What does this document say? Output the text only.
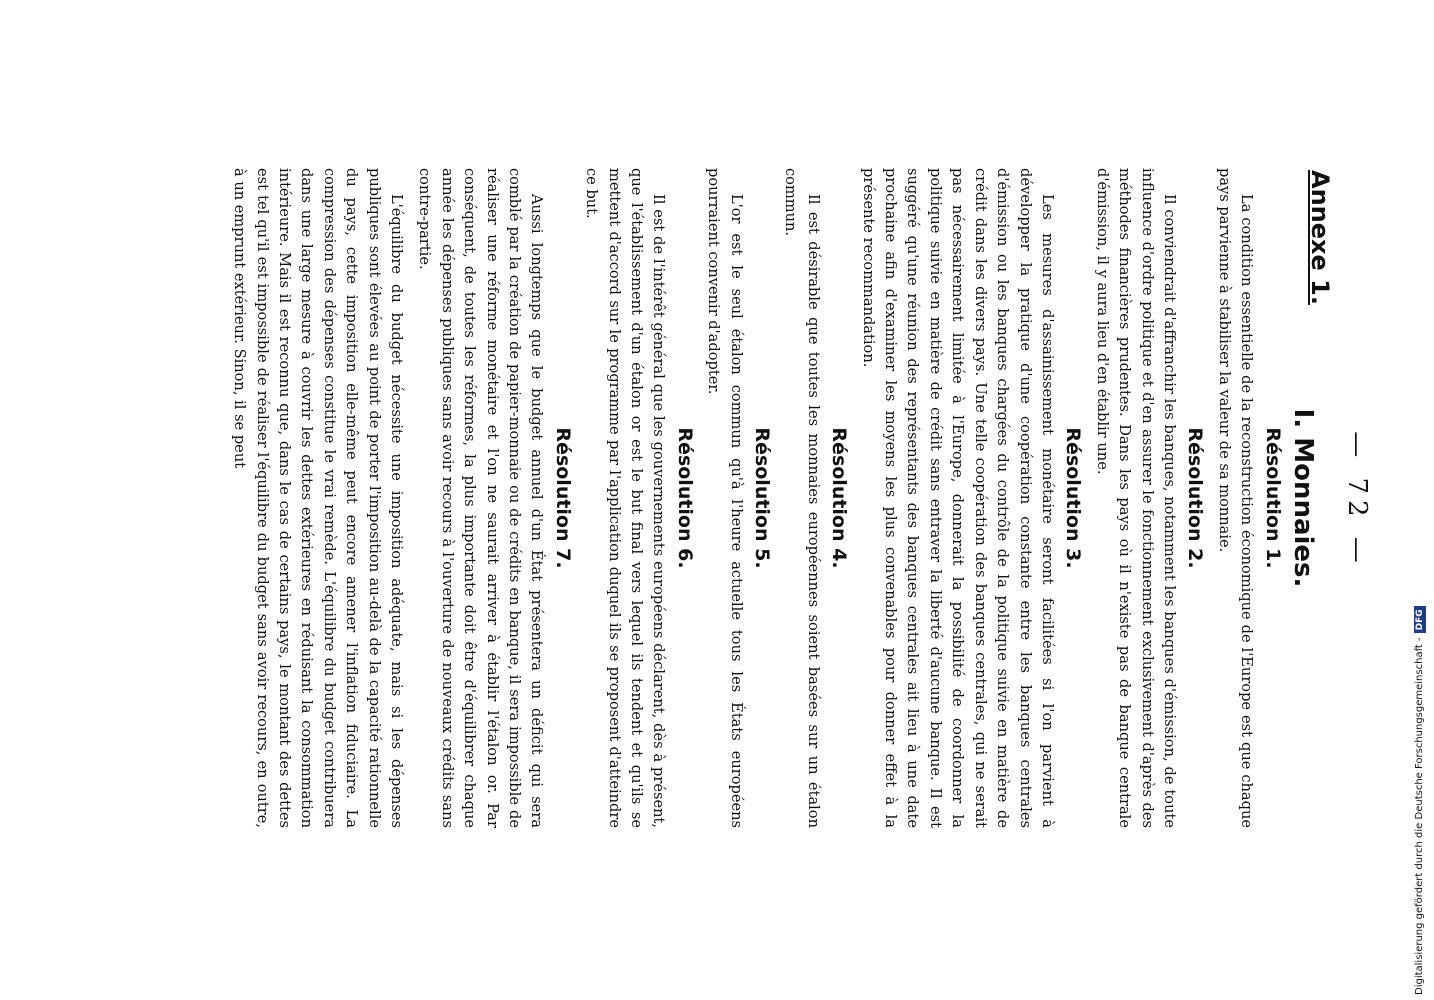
— 72 —
Annexe 1.
I. Monnaies.
Résolution 1.

La condition essentielle de la reconstruction économique de l'Europe est que chaque pays parvienne à stabiliser la valeur de sa monnaie.

Résolution 2.

Il conviendrait d'affranchir les banques, notamment les banques d'émission, de toute influence d'ordre politique et d'en assurer le fonctionnement exclusivement d'après des méthodes financières prudentes. Dans les pays où il n'existe pas de banque centrale d'émission, il y aura lieu d'en établir une.

Résolution 3.

Les mesures d'assainissement monétaire seront facilitées si l'on parvient à développer la pratique d'une coopération constante entre les banques centrales d'émission ou les banques chargées du contrôle de la politique suivie en matière de crédit dans les divers pays. Une telle coopération des banques centrales, qui ne serait pas nécessairement limitée à l'Europe, donnerait la possibilité de coordonner la politique suivie en matière de crédit sans entraver la liberté d'aucune banque. Il est suggéré qu'une réunion des représentants des banques centrales ait lieu à une date prochaine afin d'examiner les moyens les plus convenables pour donner effet à la présente recommandation.

Résolution 4.

Il est désirable que toutes les monnaies européennes soient basées sur un étalon commun.

Résolution 5.

L'or est le seul étalon commun qu'à l'heure actuelle tous les États européens pourraient convenir d'adopter.

Résolution 6.

Il est de l'intérêt général que les gouvernements européens déclarent, dès à présent, que l'établissement d'un étalon or est le but final vers lequel ils tendent et qu'ils se mettent d'accord sur le programme par l'application duquel ils se proposent d'atteindre ce but.

Résolution 7.

Aussi longtemps que le budget annuel d'un État présentera un déficit qui sera comblé par la création de papier-monnaie ou de crédits en banque, il sera impossible de réaliser une réforme monétaire et l'on ne saurait arriver à établir l'étalon or. Par conséquent, de toutes les réformes, la plus importante doit être d'équilibrer chaque année les dépenses publiques sans avoir recours à l'ouverture de nouveaux crédits sans contre-partie.

L'équilibre du budget nécessite une imposition adéquate, mais si les dépenses publiques sont élevées au point de porter l'imposition au-delà de la capacité rationnelle du pays, cette imposition elle-même peut encore amener l'inflation fiduciaire. La compression des dépenses constitue le vrai remède. L'équilibre du budget contribuera dans une large mesure à couvrir les dettes extérieures en réduisant la consommation intérieure. Mais il est reconnu que, dans le cas de certains pays, le montant des dettes est tel qu'il est impossible de réaliser l'équilibre du budget sans avoir recours, en outre, à un emprunt extérieur. Sinon, il se peut

Digitalisierung gefördert durch die Deutsche Forschungsgemeinschaft -DFG
